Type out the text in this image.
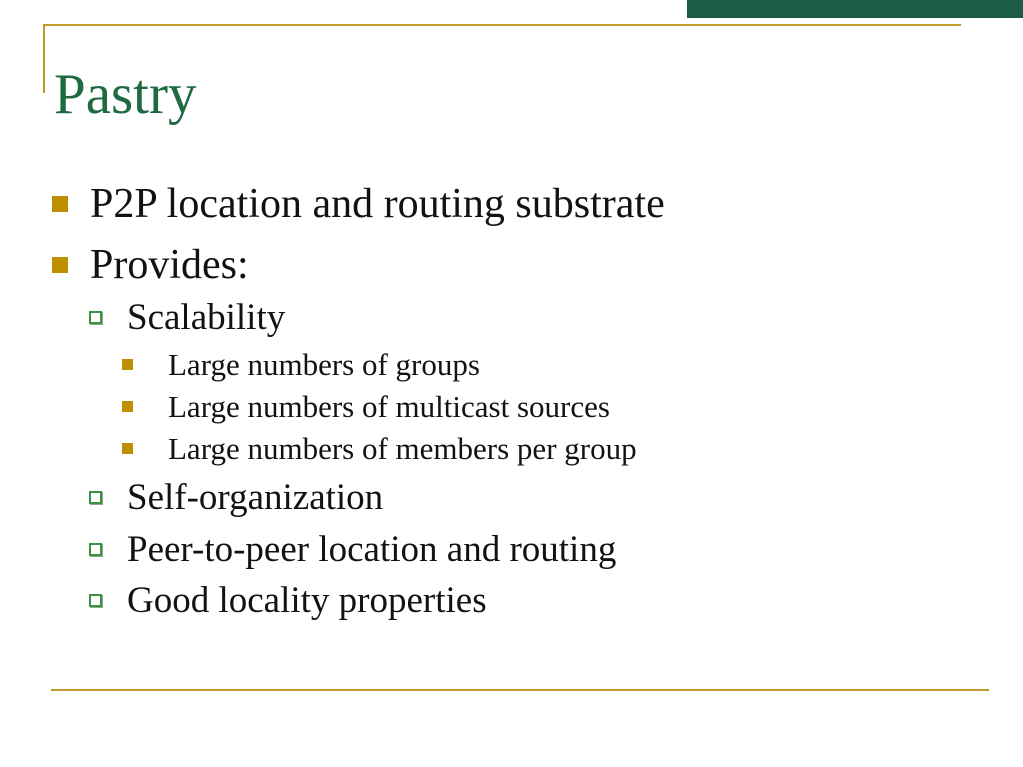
Pastry
P2P location and routing substrate
Provides:
Scalability
Large numbers of groups
Large numbers of multicast sources
Large numbers of members per group
Self-organization
Peer-to-peer location and routing
Good locality properties
